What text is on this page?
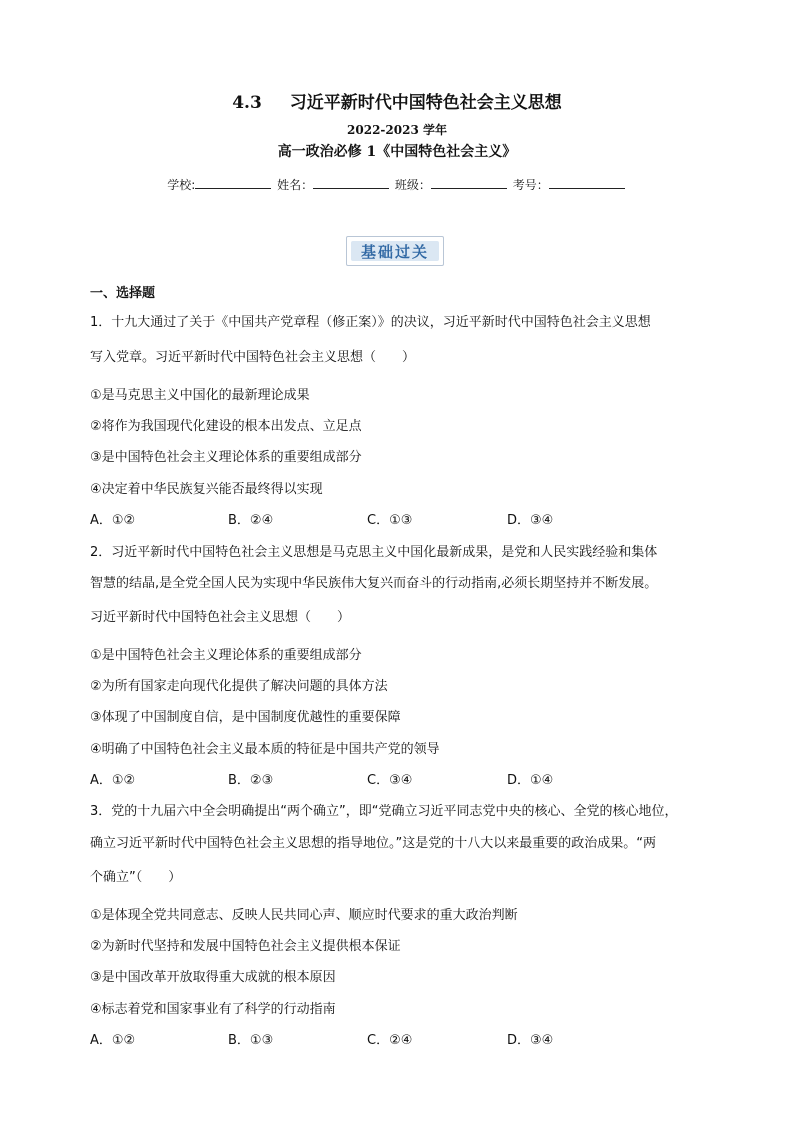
4.3 习近平新时代中国特色社会主义思想
2022-2023 学年
高一政治必修 1《中国特色社会主义》
学校:	姓名：	班级：	考号：
基础过关
一、选择题
1．十九大通过了关于《中国共产党章程（修正案）》的决议，习近平新时代中国特色社会主义思想
写入党章。习近平新时代中国特色社会主义思想（　　）
①是马克思主义中国化的最新理论成果
②将作为我国现代化建设的根本出发点、立足点
③是中国特色社会主义理论体系的重要组成部分
④决定着中华民族复兴能否最终得以实现
A．①②	B．②④	C．①③	D．③④
2．习近平新时代中国特色社会主义思想是马克思主义中国化最新成果，是党和人民实践经验和集体
智慧的结晶,是全党全国人民为实现中华民族伟大复兴而奋斗的行动指南,必须长期坚持并不断发展。
习近平新时代中国特色社会主义思想（　　）
①是中国特色社会主义理论体系的重要组成部分
②为所有国家走向现代化提供了解决问题的具体方法
③体现了中国制度自信，是中国制度优越性的重要保障
④明确了中国特色社会主义最本质的特征是中国共产党的领导
A．①②	B．②③	C．③④	D．①④
3．党的十九届六中全会明确提出“两个确立”，即“党确立习近平同志党中央的核心、全党的核心地位，
确立习近平新时代中国特色社会主义思想的指导地位。”这是党的十八大以来最重要的政治成果。“两
个确立”（　　）
①是体现全党共同意志、反映人民共同心声、顺应时代要求的重大政治判断
②为新时代坚持和发展中国特色社会主义提供根本保证
③是中国改革开放取得重大成就的根本原因
④标志着党和国家事业有了科学的行动指南
A．①②	B．①③	C．②④	D．③④
